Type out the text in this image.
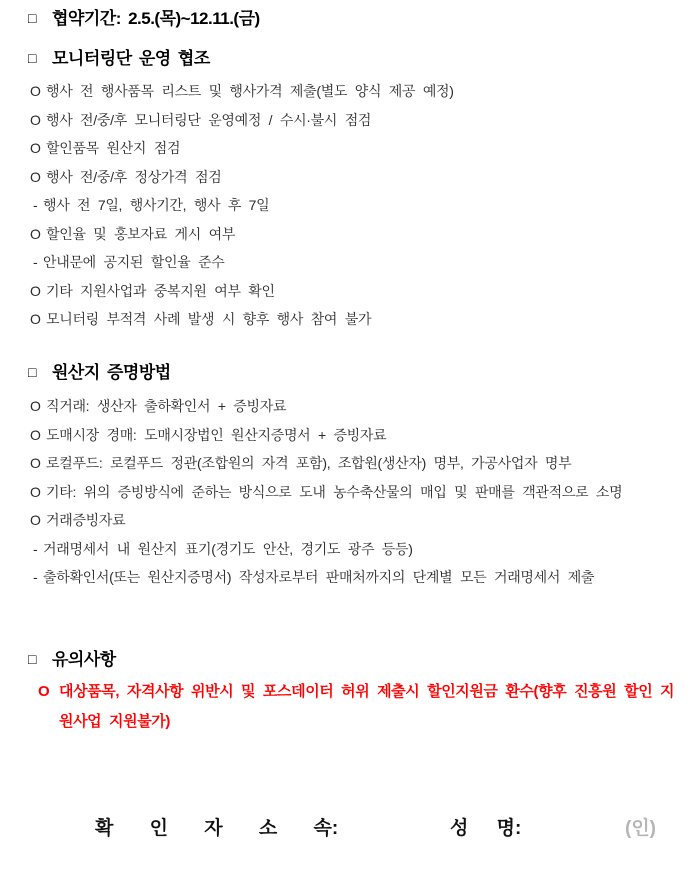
□ 협약기간: 2.5.(목)~12.11.(금)
□ 모니터링단 운영 협조
O 행사 전 행사품목 리스트 및 행사가격 제출(별도 양식 제공 예정)
O 행사 전/중/후 모니터링단 운영예정 / 수시·불시 점검
O 할인품목 원산지 점검
O 행사 전/중/후 정상가격 점검
- 행사 전 7일, 행사기간, 행사 후 7일
O 할인율 및 홍보자료 게시 여부
- 안내문에 공지된 할인율 준수
O 기타 지원사업과 중복지원 여부 확인
O 모니터링 부적격 사례 발생 시 향후 행사 참여 불가
□ 원산지 증명방법
O 직거래: 생산자 출하확인서 + 증빙자료
O 도매시장 경매: 도매시장법인 원산지증명서 + 증빙자료
O 로컬푸드: 로컬푸드 정관(조합원의 자격 포함), 조합원(생산자) 명부, 가공사업자 명부
O 기타: 위의 증빙방식에 준하는 방식으로 도내 농수축산물의 매입 및 판매를 객관적으로 소명
O 거래증빙자료
- 거래명세서 내 원산지 표기(경기도 안산, 경기도 광주 등등)
- 출하확인서(또는 원산지증명서) 작성자로부터 판매처까지의 단계별 모든 거래명세서 제출
□ 유의사항
O 대상품목, 자격사항 위반시 및 포스데이터 허위 제출시 할인지원금 환수(향후 진흥원 할인 지원사업 지원불가)
확 인 자 소 속:	성 명:	(인)
